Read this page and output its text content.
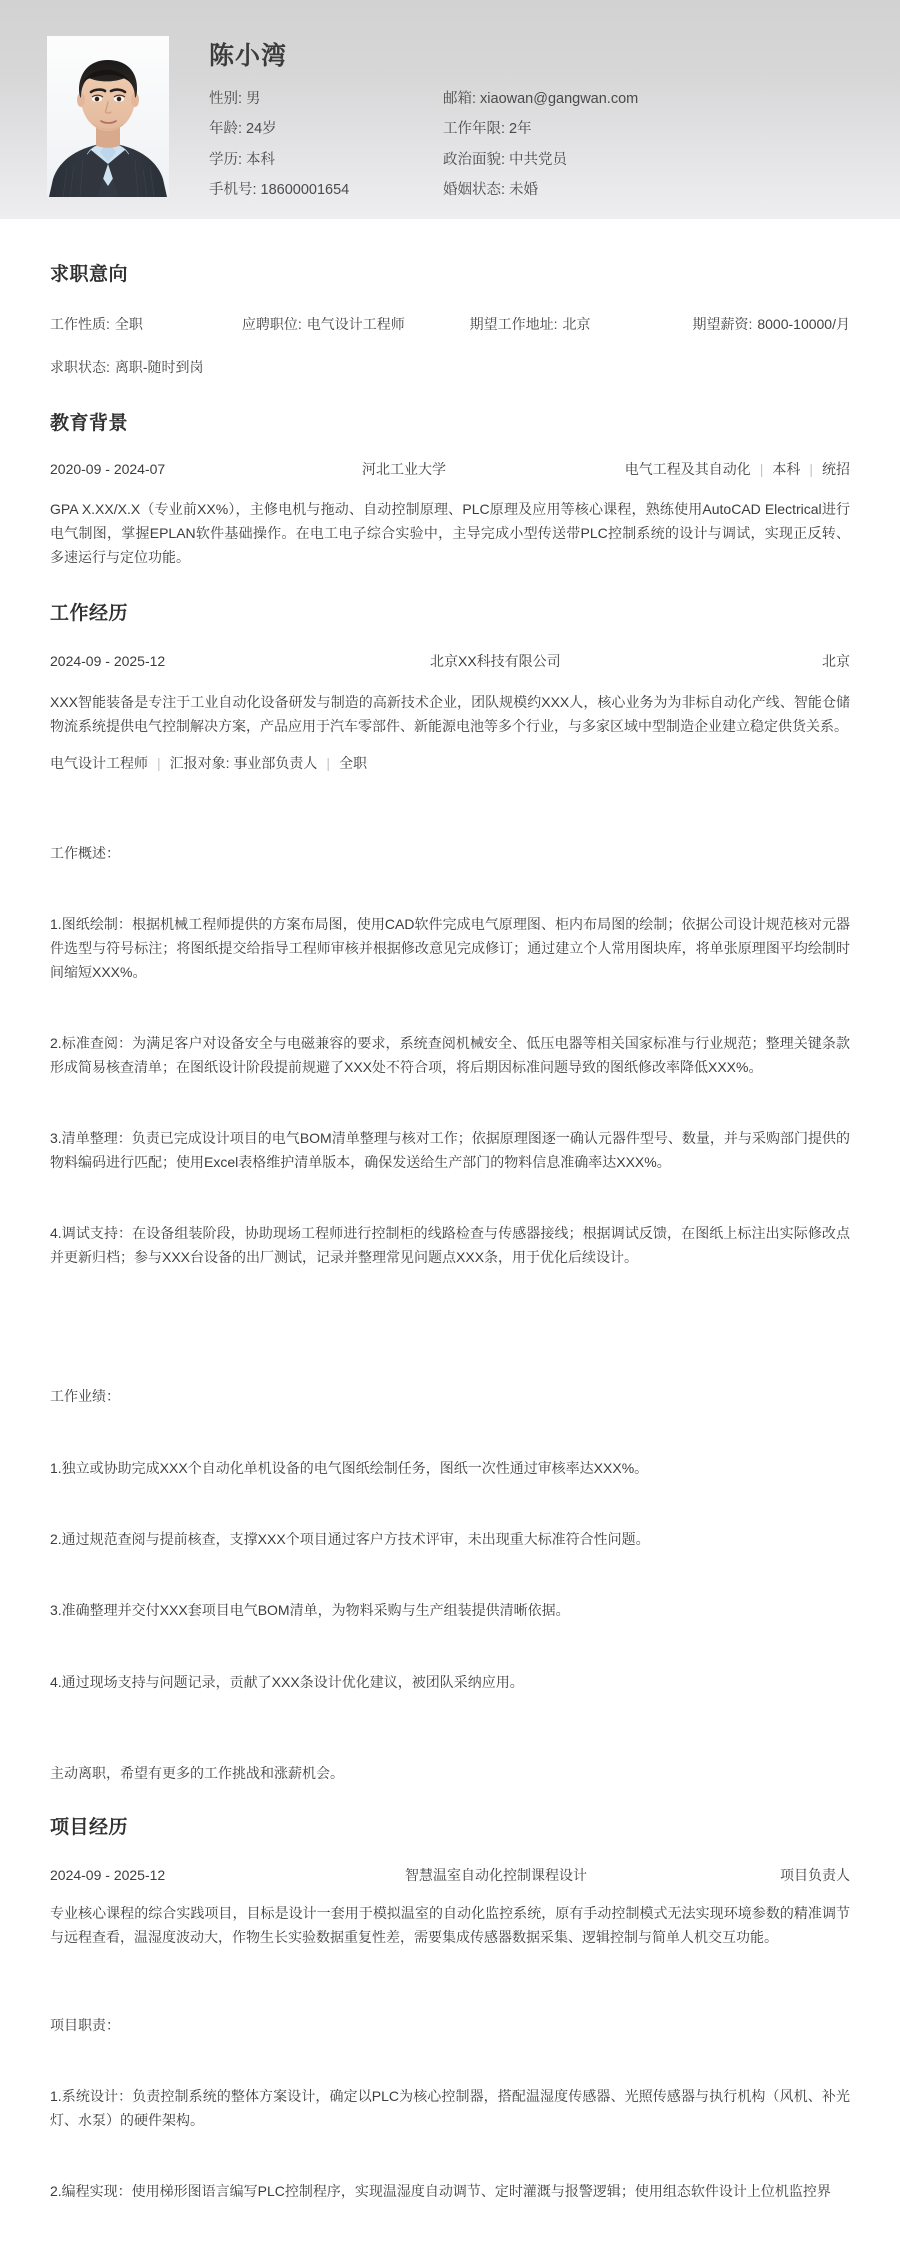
陈小湾
性别: 男	邮箱: xiaowan@gangwan.com
年龄: 24岁	工作年限: 2年
学历: 本科	政治面貌: 中共党员
手机号: 18600001654	婚姻状态: 未婚
求职意向
工作性质: 全职	应聘职位: 电气设计工程师	期望工作地址: 北京	期望薪资: 8000-10000/月
求职状态: 离职-随时到岗
教育背景
2020-09 - 2024-07	河北工业大学	电气工程及其自动化 | 本科 | 统招

GPA X.XX/X.X（专业前XX%），主修电机与拖动、自动控制原理、PLC原理及应用等核心课程，熟练使用AutoCAD Electrical进行电气制图，掌握EPLAN软件基础操作。在电工电子综合实验中，主导完成小型传送带PLC控制系统的设计与调试，实现正反转、多速运行与定位功能。

工作经历
2024-09 - 2025-12	北京XX科技有限公司	北京

XXX智能装备是专注于工业自动化设备研发与制造的高新技术企业，团队规模约XXX人，核心业务为为非标自动化产线、智能仓储物流系统提供电气控制解决方案，产品应用于汽车零部件、新能源电池等多个行业，与多家区域中型制造企业建立稳定供货关系。

电气设计工程师 | 汇报对象: 事业部负责人 | 全职

工作概述：

1.图纸绘制：根据机械工程师提供的方案布局图，使用CAD软件完成电气原理图、柜内布局图的绘制；依据公司设计规范核对元器件选型与符号标注；将图纸提交给指导工程师审核并根据修改意见完成修订；通过建立个人常用图块库，将单张原理图平均绘制时间缩短XXX%。

2.标准查阅：为满足客户对设备安全与电磁兼容的要求，系统查阅机械安全、低压电器等相关国家标准与行业规范；整理关键条款形成简易核查清单；在图纸设计阶段提前规避了XXX处不符合项，将后期因标准问题导致的图纸修改率降低XXX%。

3.清单整理：负责已完成设计项目的电气BOM清单整理与核对工作；依据原理图逐一确认元器件型号、数量，并与采购部门提供的物料编码进行匹配；使用Excel表格维护清单版本，确保发送给生产部门的物料信息准确率达XXX%。

4.调试支持：在设备组装阶段，协助现场工程师进行控制柜的线路检查与传感器接线；根据调试反馈，在图纸上标注出实际修改点并更新归档；参与XXX台设备的出厂测试，记录并整理常见问题点XXX条，用于优化后续设计。

工作业绩：

1.独立或协助完成XXX个自动化单机设备的电气图纸绘制任务，图纸一次性通过审核率达XXX%。

2.通过规范查阅与提前核查，支撑XXX个项目通过客户方技术评审，未出现重大标准符合性问题。

3.准确整理并交付XXX套项目电气BOM清单，为物料采购与生产组装提供清晰依据。

4.通过现场支持与问题记录，贡献了XXX条设计优化建议，被团队采纳应用。

主动离职，希望有更多的工作挑战和涨薪机会。
项目经历
2024-09 - 2025-12	智慧温室自动化控制课程设计	项目负责人

专业核心课程的综合实践项目，目标是设计一套用于模拟温室的自动化监控系统，原有手动控制模式无法实现环境参数的精准调节与远程查看，温湿度波动大，作物生长实验数据重复性差，需要集成传感器数据采集、逻辑控制与简单人机交互功能。

项目职责：

1.系统设计：负责控制系统的整体方案设计，确定以PLC为核心控制器，搭配温湿度传感器、光照传感器与执行机构（风机、补光灯、水泵）的硬件架构。

2.编程实现：使用梯形图语言编写PLC控制程序，实现温湿度自动调节、定时灌溉与报警逻辑；使用组态软件设计上位机监控界
